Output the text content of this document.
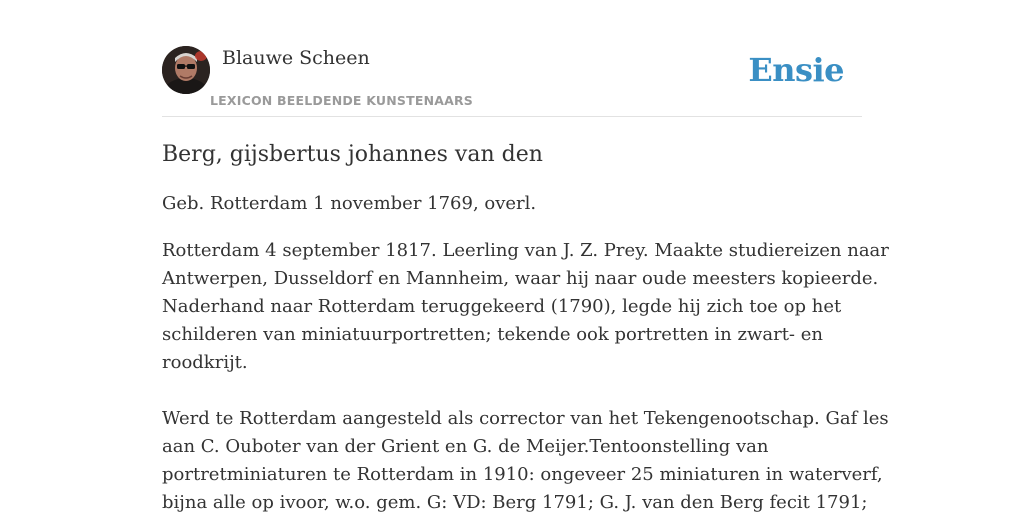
Blauwe Scheen
LEXICON BEELDENDE KUNSTENAARS
Ensie
Berg, gijsbertus johannes van den

Geb. Rotterdam 1 november 1769, overl.

Rotterdam 4 september 1817. Leerling van J. Z. Prey. Maakte studiereizen naar
Antwerpen, Dusseldorf en Mannheim, waar hij naar oude meesters kopieerde.
Naderhand naar Rotterdam teruggekeerd (1790), legde hij zich toe op het
schilderen van miniatuurportretten; tekende ook portretten in zwart- en
roodkrijt.
Werd te Rotterdam aangesteld als corrector van het Tekengenootschap. Gaf les
aan C. Ouboter van der Grient en G. de Meijer.Tentoonstelling van
portretminiaturen te Rotterdam in 1910: ongeveer 25 miniaturen in waterverf,
bijna alle op ivoor, w.o. gem. G: VD: Berg 1791; G. J. van den Berg fecit 1791;
